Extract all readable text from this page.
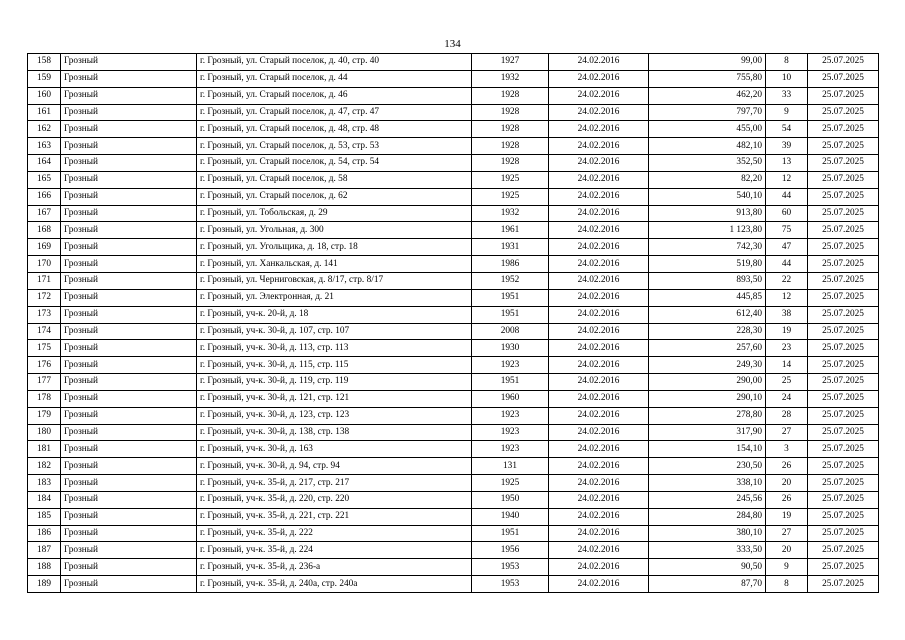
134
158	Грозный	г. Грозный, ул. Старый поселок, д. 40, стр. 40	1927	24.02.2016	99,00	8	25.07.2025
159	Грозный	г. Грозный, ул. Старый поселок, д. 44	1932	24.02.2016	755,80	10	25.07.2025
160	Грозный	г. Грозный, ул. Старый поселок, д. 46	1928	24.02.2016	462,20	33	25.07.2025
161	Грозный	г. Грозный, ул. Старый поселок, д. 47, стр. 47	1928	24.02.2016	797,70	9	25.07.2025
162	Грозный	г. Грозный, ул. Старый поселок, д. 48, стр. 48	1928	24.02.2016	455,00	54	25.07.2025
163	Грозный	г. Грозный, ул. Старый поселок, д. 53, стр. 53	1928	24.02.2016	482,10	39	25.07.2025
164	Грозный	г. Грозный, ул. Старый поселок, д. 54, стр. 54	1928	24.02.2016	352,50	13	25.07.2025
165	Грозный	г. Грозный, ул. Старый поселок, д. 58	1925	24.02.2016	82,20	12	25.07.2025
166	Грозный	г. Грозный, ул. Старый поселок, д. 62	1925	24.02.2016	540,10	44	25.07.2025
167	Грозный	г. Грозный, ул. Тобольская, д. 29	1932	24.02.2016	913,80	60	25.07.2025
168	Грозный	г. Грозный, ул. Угольная, д. 300	1961	24.02.2016	1 123,80	75	25.07.2025
169	Грозный	г. Грозный, ул. Угольщика, д. 18, стр. 18	1931	24.02.2016	742,30	47	25.07.2025
170	Грозный	г. Грозный, ул. Ханкальская, д. 141	1986	24.02.2016	519,80	44	25.07.2025
171	Грозный	г. Грозный, ул. Черниговская, д. 8/17, стр. 8/17	1952	24.02.2016	893,50	22	25.07.2025
172	Грозный	г. Грозный, ул. Электронная, д. 21	1951	24.02.2016	445,85	12	25.07.2025
173	Грозный	г. Грозный, уч-к. 20-й, д. 18	1951	24.02.2016	612,40	38	25.07.2025
174	Грозный	г. Грозный, уч-к. 30-й, д. 107, стр. 107	2008	24.02.2016	228,30	19	25.07.2025
175	Грозный	г. Грозный, уч-к. 30-й, д. 113, стр. 113	1930	24.02.2016	257,60	23	25.07.2025
176	Грозный	г. Грозный, уч-к. 30-й, д. 115, стр. 115	1923	24.02.2016	249,30	14	25.07.2025
177	Грозный	г. Грозный, уч-к. 30-й, д. 119, стр. 119	1951	24.02.2016	290,00	25	25.07.2025
178	Грозный	г. Грозный, уч-к. 30-й, д. 121, стр. 121	1960	24.02.2016	290,10	24	25.07.2025
179	Грозный	г. Грозный, уч-к. 30-й, д. 123, стр. 123	1923	24.02.2016	278,80	28	25.07.2025
180	Грозный	г. Грозный, уч-к. 30-й, д. 138, стр. 138	1923	24.02.2016	317,90	27	25.07.2025
181	Грозный	г. Грозный, уч-к. 30-й, д. 163	1923	24.02.2016	154,10	3	25.07.2025
182	Грозный	г. Грозный, уч-к. 30-й, д. 94, стр. 94	131	24.02.2016	230,50	26	25.07.2025
183	Грозный	г. Грозный, уч-к. 35-й, д. 217, стр. 217	1925	24.02.2016	338,10	20	25.07.2025
184	Грозный	г. Грозный, уч-к. 35-й, д. 220, стр. 220	1950	24.02.2016	245,56	26	25.07.2025
185	Грозный	г. Грозный, уч-к. 35-й, д. 221, стр. 221	1940	24.02.2016	284,80	19	25.07.2025
186	Грозный	г. Грозный, уч-к. 35-й, д. 222	1951	24.02.2016	380,10	27	25.07.2025
187	Грозный	г. Грозный, уч-к. 35-й, д. 224	1956	24.02.2016	333,50	20	25.07.2025
188	Грозный	г. Грозный, уч-к. 35-й, д. 236-а	1953	24.02.2016	90,50	9	25.07.2025
189	Грозный	г. Грозный, уч-к. 35-й, д. 240а, стр. 240а	1953	24.02.2016	87,70	8	25.07.2025
